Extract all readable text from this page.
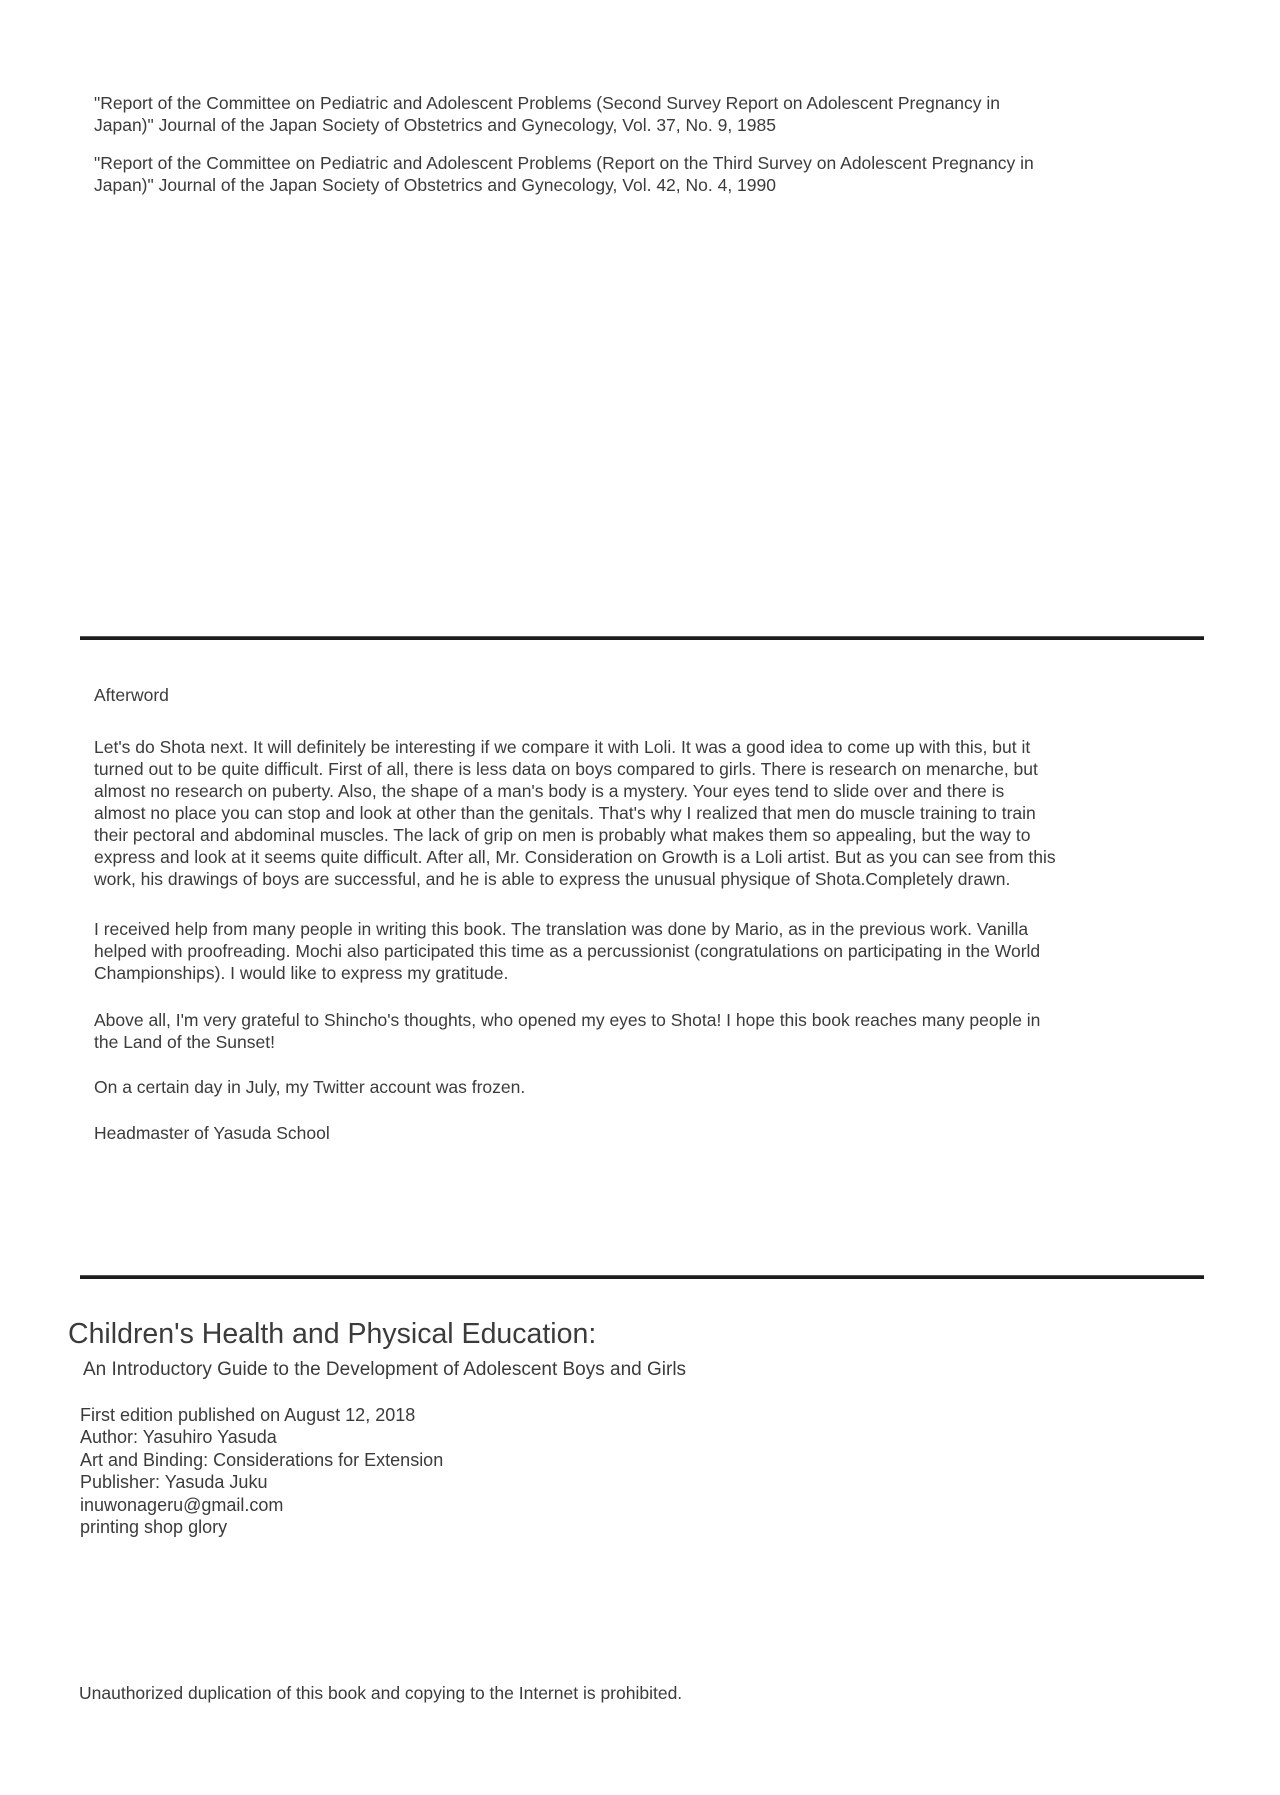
"Report of the Committee on Pediatric and Adolescent Problems (Second Survey Report on Adolescent Pregnancy in Japan)" Journal of the Japan Society of Obstetrics and Gynecology, Vol. 37, No. 9, 1985

"Report of the Committee on Pediatric and Adolescent Problems (Report on the Third Survey on Adolescent Pregnancy in Japan)" Journal of the Japan Society of Obstetrics and Gynecology, Vol. 42, No. 4, 1990

Afterword

Let's do Shota next. It will definitely be interesting if we compare it with Loli. It was a good idea to come up with this, but it turned out to be quite difficult. First of all, there is less data on boys compared to girls. There is research on menarche, but almost no research on puberty. Also, the shape of a man's body is a mystery. Your eyes tend to slide over and there is almost no place you can stop and look at other than the genitals. That's why I realized that men do muscle training to train their pectoral and abdominal muscles. The lack of grip on men is probably what makes them so appealing, but the way to express and look at it seems quite difficult. After all, Mr. Consideration on Growth is a Loli artist. But as you can see from this work, his drawings of boys are successful, and he is able to express the unusual physique of Shota.Completely drawn.

I received help from many people in writing this book. The translation was done by Mario, as in the previous work. Vanilla helped with proofreading. Mochi also participated this time as a percussionist (congratulations on participating in the World Championships). I would like to express my gratitude.

Above all, I'm very grateful to Shincho's thoughts, who opened my eyes to Shota! I hope this book reaches many people in the Land of the Sunset!

On a certain day in July, my Twitter account was frozen.

Headmaster of Yasuda School

Children's Health and Physical Education:
An Introductory Guide to the Development of Adolescent Boys and Girls
First edition published on August 12, 2018
Author: Yasuhiro Yasuda
Art and Binding: Considerations for Extension
Publisher: Yasuda Juku
inuwonageru@gmail.com
printing shop glory
Unauthorized duplication of this book and copying to the Internet is prohibited.
